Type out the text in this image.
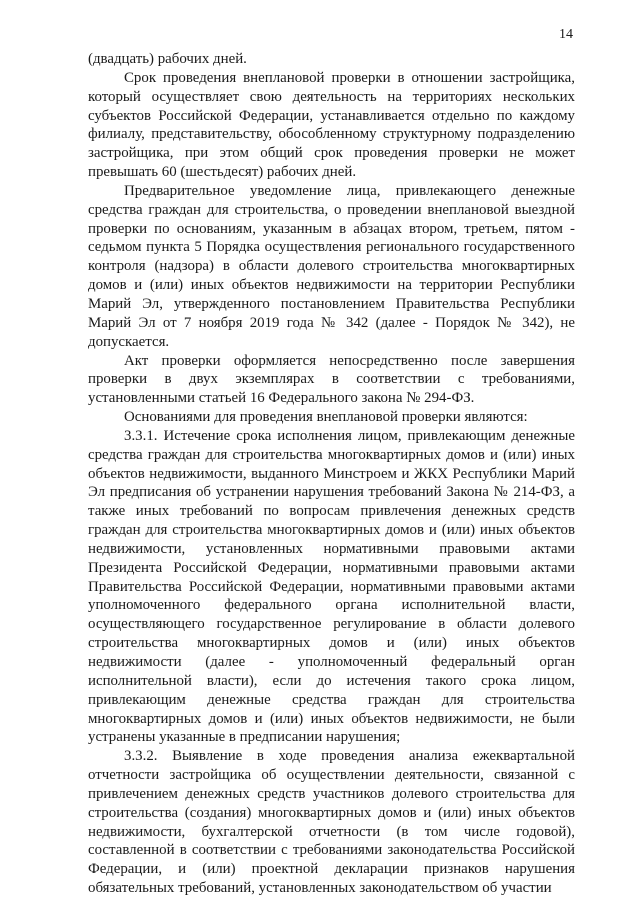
14

(двадцать) рабочих дней.

Срок проведения внеплановой проверки в отношении застройщика, который осуществляет свою деятельность на территориях нескольких субъектов Российской Федерации, устанавливается отдельно по каждому филиалу, представительству, обособленному структурному подразделению застройщика, при этом общий срок проведения проверки не может превышать 60 (шестьдесят) рабочих дней.

Предварительное уведомление лица, привлекающего денежные средства граждан для строительства, о проведении внеплановой выездной проверки по основаниям, указанным в абзацах втором, третьем, пятом - седьмом пункта 5 Порядка осуществления регионального государственного контроля (надзора) в области долевого строительства многоквартирных домов и (или) иных объектов недвижимости на территории Республики Марий Эл, утвержденного постановлением Правительства Республики Марий Эл от 7 ноября 2019 года № 342 (далее - Порядок № 342), не допускается.

Акт проверки оформляется непосредственно после завершения проверки в двух экземплярах в соответствии с требованиями, установленными статьей 16 Федерального закона № 294-ФЗ.

Основаниями для проведения внеплановой проверки являются:

3.3.1. Истечение срока исполнения лицом, привлекающим денежные средства граждан для строительства многоквартирных домов и (или) иных объектов недвижимости, выданного Минстроем и ЖКХ Республики Марий Эл предписания об устранении нарушения требований Закона № 214-ФЗ, а также иных требований по вопросам привлечения денежных средств граждан для строительства многоквартирных домов и (или) иных объектов недвижимости, установленных нормативными правовыми актами Президента Российской Федерации, нормативными правовыми актами Правительства Российской Федерации, нормативными правовыми актами уполномоченного федерального органа исполнительной власти, осуществляющего государственное регулирование в области долевого строительства многоквартирных домов и (или) иных объектов недвижимости (далее - уполномоченный федеральный орган исполнительной власти), если до истечения такого срока лицом, привлекающим денежные средства граждан для строительства многоквартирных домов и (или) иных объектов недвижимости, не были устранены указанные в предписании нарушения;

3.3.2. Выявление в ходе проведения анализа ежеквартальной отчетности застройщика об осуществлении деятельности, связанной с привлечением денежных средств участников долевого строительства для строительства (создания) многоквартирных домов и (или) иных объектов недвижимости, бухгалтерской отчетности (в том числе годовой), составленной в соответствии с требованиями законодательства Российской Федерации, и (или) проектной декларации признаков нарушения обязательных требований, установленных законодательством об участии
